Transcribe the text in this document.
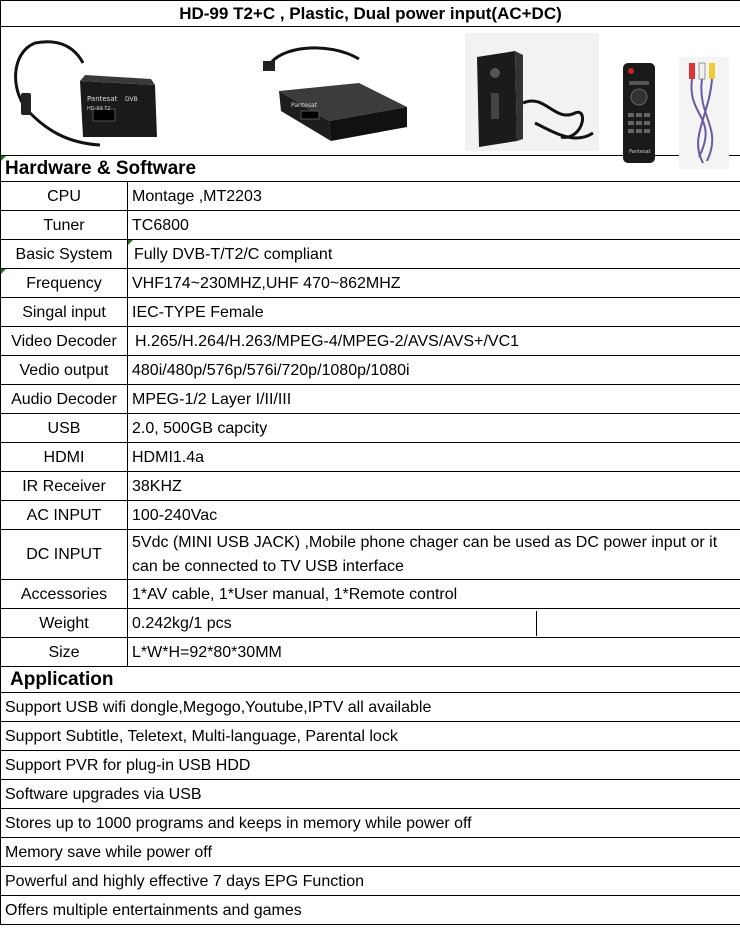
HD-99 T2+C , Plastic, Dual power input(AC+DC)	

Pantesat
HD-99 T2
DVB
Pantesat
Pantesat	

Hardware & Software	
CPU	Montage ,MT2203
Tuner	TC6800
Basic System	Fully DVB-T/T2/C compliant
Frequency	VHF174~230MHZ,UHF 470~862MHZ
Singal input	IEC-TYPE Female
Video Decoder	H.265/H.264/H.263/MPEG-4/MPEG-2/AVS/AVS+/VC1
Vedio output	480i/480p/576p/576i/720p/1080p/1080i
Audio Decoder	MPEG-1/2 Layer I/II/III
USB	2.0, 500GB capcity
HDMI	HDMI1.4a
IR Receiver	38KHZ
AC INPUT	100-240Vac
DC INPUT	5Vdc (MINI USB JACK) ,Mobile phone chager can be used as DC power input or it can be connected to TV USB interface
Accessories	1*AV cable, 1*User manual, 1*Remote control
Weight	0.242kg/1 pcs

Size	L*W*H=92*80*30MM
Application	
Support USB wifi dongle,Megogo,Youtube,IPTV all available	
Support Subtitle, Teletext, Multi-language, Parental lock	
Support PVR for plug-in USB HDD	
Software upgrades via USB	
Stores up to 1000 programs and keeps in memory while power off	
Memory save while power off	
Powerful and highly effective 7 days EPG Function	
Offers multiple entertainments and games	
